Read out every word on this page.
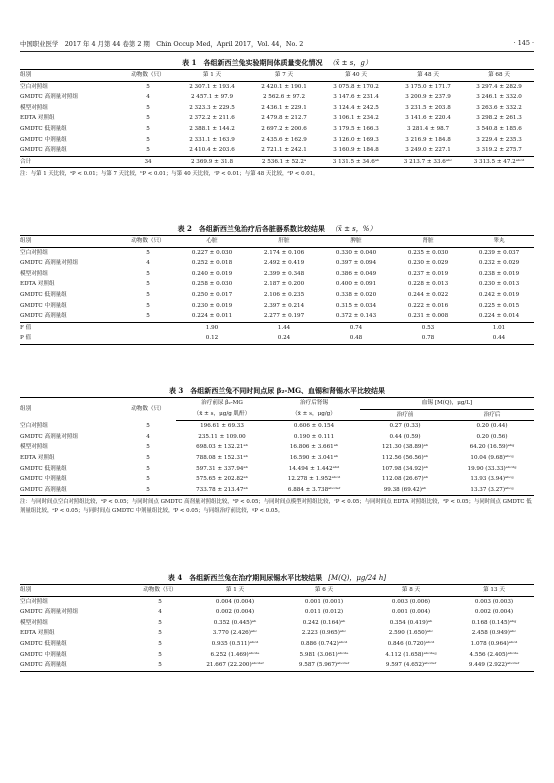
中国职业医学　2017 年 4 月第 44 卷第 2 期　Chin Occup Med，April 2017，Vol. 44，No. 2	· 145 ·
表 1　各组新西兰兔实验期间体质量变化情况 （x̄ ± s，g）
组别	动物数（只）	第 1 天	第 7 天	第 40 天	第 48 天	第 68 天
空白对照组	5	2 307.1 ± 193.4	2 420.1 ± 190.1	3 075.8 ± 170.2	3 175.0 ± 171.7	3 297.4 ± 282.9
GMDTC 高剂量对照组	4	2 457.1 ± 97.9	2 562.6 ± 97.2	3 147.6 ± 231.4	3 200.9 ± 237.9	3 246.1 ± 332.0
模型对照组	5	2 323.3 ± 229.5	2 436.1 ± 229.1	3 124.4 ± 242.5	3 231.5 ± 203.8	3 263.6 ± 332.2
EDTA 对照组	5	2 372.2 ± 211.6	2 479.8 ± 212.7	3 106.1 ± 234.2	3 141.6 ± 220.4	3 298.2 ± 261.3
GMDTC 低剂量组	5	2 388.1 ± 144.2	2 697.2 ± 200.6	3 179.5 ± 166.3	3 281.4 ± 98.7	3 540.8 ± 185.6
GMDTC 中剂量组	5	2 331.1 ± 163.9	2 435.6 ± 162.9	3 126.0 ± 169.3	3 216.9 ± 184.8	3 229.4 ± 235.3
GMDTC 高剂量组	5	2 410.4 ± 203.6	2 721.1 ± 242.1	3 160.9 ± 184.8	3 249.0 ± 227.1	3 319.2 ± 275.7
合计	34	2 369.9 ± 31.8	2 536.1 ± 52.2ᵃ	3 131.5 ± 34.6ᵃᵇ	3 213.7 ± 33.6ᵃᵇᶜ	3 313.5 ± 47.2ᵃᵇᶜᵈ
注：与第 1 天比较，ᵃP < 0.01；与第 7 天比较，ᵇP < 0.01；与第 40 天比较，ᶜP < 0.01；与第 48 天比较，ᵈP < 0.01。
表 2　各组新西兰兔治疗后各脏器系数比较结果 （x̄ ± s，%）
组别	动物数（只）	心脏	肝脏	脾脏	肾脏	睾丸
空白对照组	5	0.227 ± 0.030	2.174 ± 0.106	0.330 ± 0.040	0.235 ± 0.030	0.239 ± 0.037
GMDTC 高剂量对照组	4	0.252 ± 0.018	2.492 ± 0.419	0.397 ± 0.094	0.230 ± 0.029	0.232 ± 0.029
模型对照组	5	0.240 ± 0.019	2.399 ± 0.348	0.386 ± 0.049	0.237 ± 0.019	0.238 ± 0.019
EDTA 对照组	5	0.258 ± 0.030	2.187 ± 0.200	0.400 ± 0.091	0.228 ± 0.013	0.230 ± 0.013
GMDTC 低剂量组	5	0.250 ± 0.017	2.106 ± 0.235	0.338 ± 0.020	0.244 ± 0.022	0.242 ± 0.019
GMDTC 中剂量组	5	0.230 ± 0.019	2.397 ± 0.214	0.315 ± 0.034	0.222 ± 0.016	0.225 ± 0.015
GMDTC 高剂量组	5	0.224 ± 0.011	2.277 ± 0.197	0.372 ± 0.143	0.231 ± 0.008	0.224 ± 0.014
F 值		1.90	1.44	0.74	0.53	1.01
P 值		0.12	0.24	0.48	0.78	0.44
表 3　各组新西兰兔不同时间点尿 β₂-MG、血锡和肾锡水平比较结果
组别	动物数（只）	治疗前尿 β₂-MG	治疗后肾锡	血锡 [M(Q)，μg/L]	
		（x̄ ± s，μg/g 肌酐）	（x̄ ± s，μg/g）	治疗前	治疗后
空白对照组	5	196.61 ± 69.33	0.606 ± 0.154	0.27 (0.33)	0.20 (0.44)
GMDTC 高剂量对照组	4	235.11 ± 109.00	0.190 ± 0.111	0.44 (0.59)	0.20 (0.56)
模型对照组	5	698.03 ± 132.21ᵃᵇ	16.806 ± 3.661ᵃᵇ	121.30 (38.89)ᵃᵇ	64.20 (16.59)ᵃᵇᵍ
EDTA 对照组	5	788.08 ± 152.31ᵃᵇ	16.590 ± 3.041ᵃᵇ	112.56 (56.56)ᵃᵇ	10.04 (9.68)ᵃᵇᶜᵍ
GMDTC 低剂量组	5	597.31 ± 337.94ᵃᵇ	14.494 ± 1.442ᵃᵇᵈ	107.98 (34.92)ᵃᵇ	19.90 (33.33)ᵃᵇᶜᵈᵍ
GMDTC 中剂量组	5	575.65 ± 202.82ᵃᵇ	12.278 ± 1.952ᵃᵇᶜᵈ	112.08 (26.67)ᵃᵇ	13.93 (3.94)ᵃᵇᶜᵍ
GMDTC 高剂量组	5	733.78 ± 213.47ᵃᵇ	6.884 ± 3.738ᵃᵇᶜᵈᵉᶠ	99.38 (69.42)ᵃᵇ	13.37 (3.27)ᵃᵇᶜᵍ
注：与同时间点空白对照组比较，ᵃP < 0.05；与同时间点 GMDTC 高剂量对照组比较，ᵇP < 0.05；与同时间点模型对照组比较，ᶜP < 0.05；与同时间点 EDTA 对照组比较，ᵈP < 0.05；与同时间点 GMDTC 低剂量组比较，ᵉP < 0.05；与同时间点 GMDTC 中剂量组比较，ᶠP < 0.05；与同组治疗前比较，ᵍP < 0.05。
表 4　各组新西兰兔在治疗期间尿锡水平比较结果 [M(Q)，μg/24 h]
组别	动物数（只）	第 1 天	第 6 天	第 8 天	第 13 天
空白对照组	5	0.004 (0.004)	0.001 (0.001)	0.003 (0.006)	0.003 (0.003)
GMDTC 高剂量对照组	4	0.002 (0.004)	0.011 (0.012)	0.001 (0.004)	0.002 (0.004)
模型对照组	5	0.352 (0.445)ᵃᵇ	0.242 (0.164)ᵃᵇ	0.354 (0.419)ᵃᵇ	0.168 (0.145)ᵃᵇᵍ
EDTA 对照组	5	3.770 (2.426)ᵃᵇᶜ	2.223 (0.965)ᵃᵇᶜ	2.590 (1.650)ᵃᵇᶜ	2.458 (0.949)ᵃᵇᶜ
GMDTC 低剂量组	5	0.935 (0.511)ᵃᵇᶜᵈ	0.886 (0.742)ᵃᵇᶜᵈ	0.846 (0.720)ᵃᵇᶜᵈ	1.078 (0.964)ᵃᵇᶜᵈ
GMDTC 中剂量组	5	6.252 (1.469)ᵃᵇᶜᵈᵉ	5.981 (3.061)ᵃᵇᶜᵈᵉ	4.112 (1.658)ᵃᵇᶜᵈᵉᵍ	4.556 (2.405)ᵃᵇᶜᵈᵉ
GMDTC 高剂量组	5	21.667 (22.200)ᵃᵇᶜᵈᵉᶠ	9.587 (5.967)ᵃᵇᶜᵈᵉᶠ	9.597 (4.652)ᵃᵇᶜᵈᵉᶠ	9.449 (2.922)ᵃᵇᶜᵈᵉᶠ
